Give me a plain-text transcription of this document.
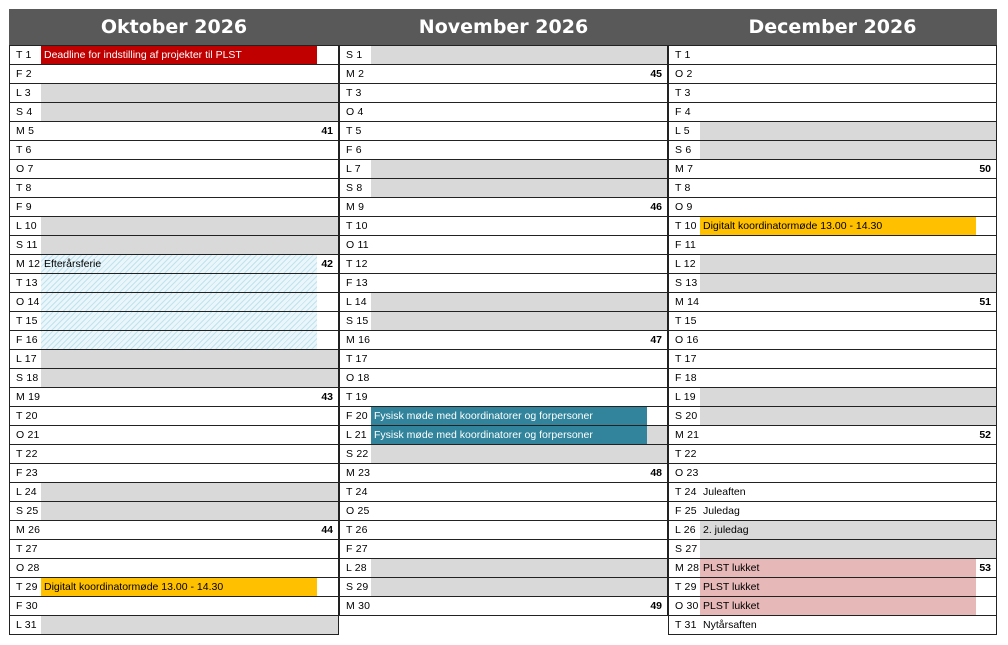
Oktober 2026
T 1 Deadline for indstilling af projekter til PLST
F 2
L 3
S 4
M 5	41
T 6
O 7
T 8
F 9
L 10
S 11
M 12 Efterårsferie	42
T 13
O 14
T 15
F 16
L 17
S 18
M 19	43
T 20
O 21
T 22
F 23
L 24
S 25
M 26	44
T 27
O 28
T 29 Digitalt koordinatormøde 13.00 - 14.30
F 30
L 31
November 2026
S 1
M 2	45
T 3
O 4
T 5
F 6
L 7
S 8
M 9	46
T 10
O 11
T 12
F 13
L 14
S 15
M 16	47
T 17
O 18
T 19
F 20 Fysisk møde med koordinatorer og forpersoner
L 21 Fysisk møde med koordinatorer og forpersoner
S 22
M 23	48
T 24
O 25
T 26
F 27
L 28
S 29
M 30	49
December 2026
T 1
O 2
T 3
F 4
L 5
S 6
M 7	50
T 8
O 9
T 10 Digitalt koordinatormøde 13.00 - 14.30
F 11
L 12
S 13
M 14	51
T 15
O 16
T 17
F 18
L 19
S 20
M 21	52
T 22
O 23
T 24 Juleaften
F 25 Juledag
L 26 2. juledag
S 27
M 28 PLST lukket	53
T 29 PLST lukket
O 30 PLST lukket
T 31 Nytårsaften
